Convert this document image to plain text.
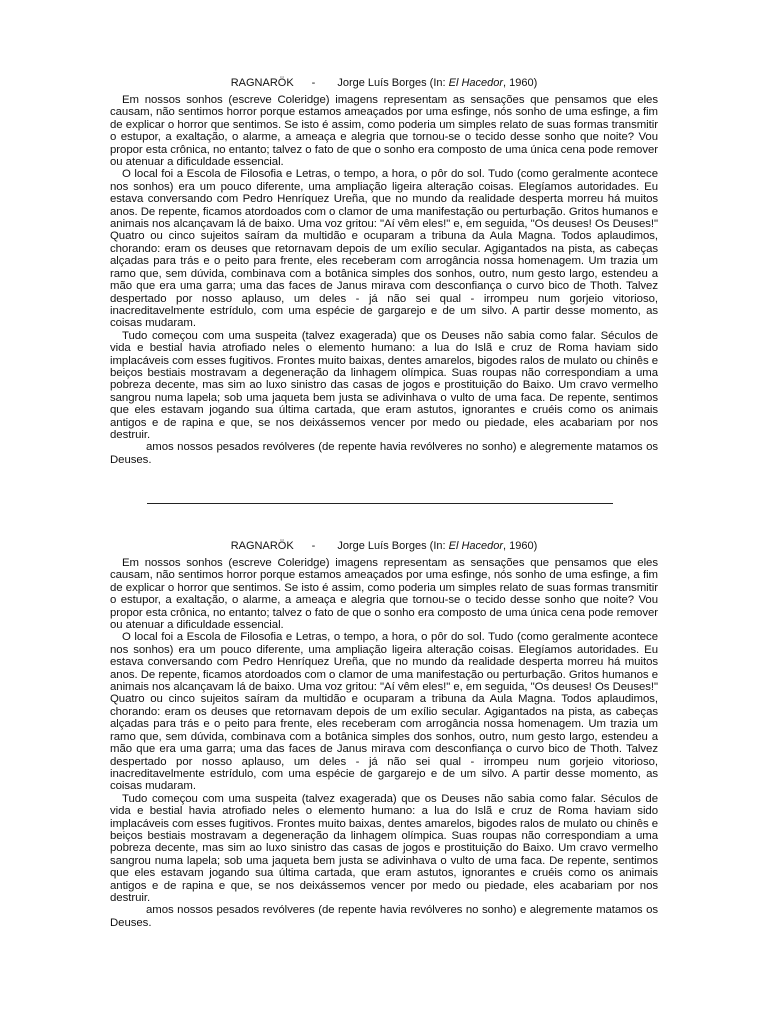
RAGNARÖK - Jorge Luís Borges (In: El Hacedor, 1960)

Em nossos sonhos (escreve Coleridge) imagens representam as sensações que pensamos que eles causam, não sentimos horror porque estamos ameaçados por uma esfinge, nós sonho de uma esfinge, a fim de explicar o horror que sentimos. Se isto é assim, como poderia um simples relato de suas formas transmitir o estupor, a exaltação, o alarme, a ameaça e alegria que tornou-se o tecido desse sonho que noite? Vou propor esta crônica, no entanto; talvez o fato de que o sonho era composto de uma única cena pode remover ou atenuar a dificuldade essencial.

O local foi a Escola de Filosofia e Letras, o tempo, a hora, o pôr do sol. Tudo (como geralmente acontece nos sonhos) era um pouco diferente, uma ampliação ligeira alteração coisas. Elegíamos autoridades. Eu estava conversando com Pedro Henríquez Ureña, que no mundo da realidade desperta morreu há muitos anos. De repente, ficamos atordoados com o clamor de uma manifestação ou perturbação. Gritos humanos e animais nos alcançavam lá de baixo. Uma voz gritou: "Aí vêm eles!" e, em seguida, "Os deuses! Os Deuses!" Quatro ou cinco sujeitos saíram da multidão e ocuparam a tribuna da Aula Magna. Todos aplaudimos, chorando: eram os deuses que retornavam depois de um exílio secular. Agigantados na pista, as cabeças alçadas para trás e o peito para frente, eles receberam com arrogância nossa homenagem. Um trazia um ramo que, sem dúvida, combinava com a botânica simples dos sonhos, outro, num gesto largo, estendeu a mão que era uma garra; uma das faces de Janus mirava com desconfiança o curvo bico de Thoth. Talvez despertado por nosso aplauso, um deles - já não sei qual - irrompeu num gorjeio vitorioso, inacreditavelmente estrídulo, com uma espécie de gargarejo e de um silvo. A partir desse momento, as coisas mudaram.

Tudo começou com uma suspeita (talvez exagerada) que os Deuses não sabia como falar. Séculos de vida e bestial havia atrofiado neles o elemento humano: a lua do Islã e cruz de Roma haviam sido implacáveis com esses fugitivos. Frontes muito baixas, dentes amarelos, bigodes ralos de mulato ou chinês e beiços bestiais mostravam a degeneração da linhagem olímpica. Suas roupas não correspondiam a uma pobreza decente, mas sim ao luxo sinistro das casas de jogos e prostituição do Baixo. Um cravo vermelho sangrou numa lapela; sob uma jaqueta bem justa se adivinhava o vulto de uma faca. De repente, sentimos que eles estavam jogando sua última cartada, que eram astutos, ignorantes e cruéis como os animais antigos e de rapina e que, se nos deixássemos vencer por medo ou piedade, eles acabariam por nos destruir.

amos nossos pesados revólveres (de repente havia revólveres no sonho) e alegremente matamos os Deuses.

RAGNARÖK - Jorge Luís Borges (In: El Hacedor, 1960)

Em nossos sonhos (escreve Coleridge) imagens representam as sensações que pensamos que eles causam, não sentimos horror porque estamos ameaçados por uma esfinge, nós sonho de uma esfinge, a fim de explicar o horror que sentimos. Se isto é assim, como poderia um simples relato de suas formas transmitir o estupor, a exaltação, o alarme, a ameaça e alegria que tornou-se o tecido desse sonho que noite? Vou propor esta crônica, no entanto; talvez o fato de que o sonho era composto de uma única cena pode remover ou atenuar a dificuldade essencial.

O local foi a Escola de Filosofia e Letras, o tempo, a hora, o pôr do sol. Tudo (como geralmente acontece nos sonhos) era um pouco diferente, uma ampliação ligeira alteração coisas. Elegíamos autoridades. Eu estava conversando com Pedro Henríquez Ureña, que no mundo da realidade desperta morreu há muitos anos. De repente, ficamos atordoados com o clamor de uma manifestação ou perturbação. Gritos humanos e animais nos alcançavam lá de baixo. Uma voz gritou: "Aí vêm eles!" e, em seguida, "Os deuses! Os Deuses!" Quatro ou cinco sujeitos saíram da multidão e ocuparam a tribuna da Aula Magna. Todos aplaudimos, chorando: eram os deuses que retornavam depois de um exílio secular. Agigantados na pista, as cabeças alçadas para trás e o peito para frente, eles receberam com arrogância nossa homenagem. Um trazia um ramo que, sem dúvida, combinava com a botânica simples dos sonhos, outro, num gesto largo, estendeu a mão que era uma garra; uma das faces de Janus mirava com desconfiança o curvo bico de Thoth. Talvez despertado por nosso aplauso, um deles - já não sei qual - irrompeu num gorjeio vitorioso, inacreditavelmente estrídulo, com uma espécie de gargarejo e de um silvo. A partir desse momento, as coisas mudaram.

Tudo começou com uma suspeita (talvez exagerada) que os Deuses não sabia como falar. Séculos de vida e bestial havia atrofiado neles o elemento humano: a lua do Islã e cruz de Roma haviam sido implacáveis com esses fugitivos. Frontes muito baixas, dentes amarelos, bigodes ralos de mulato ou chinês e beiços bestiais mostravam a degeneração da linhagem olímpica. Suas roupas não correspondiam a uma pobreza decente, mas sim ao luxo sinistro das casas de jogos e prostituição do Baixo. Um cravo vermelho sangrou numa lapela; sob uma jaqueta bem justa se adivinhava o vulto de uma faca. De repente, sentimos que eles estavam jogando sua última cartada, que eram astutos, ignorantes e cruéis como os animais antigos e de rapina e que, se nos deixássemos vencer por medo ou piedade, eles acabariam por nos destruir.

amos nossos pesados revólveres (de repente havia revólveres no sonho) e alegremente matamos os Deuses.
